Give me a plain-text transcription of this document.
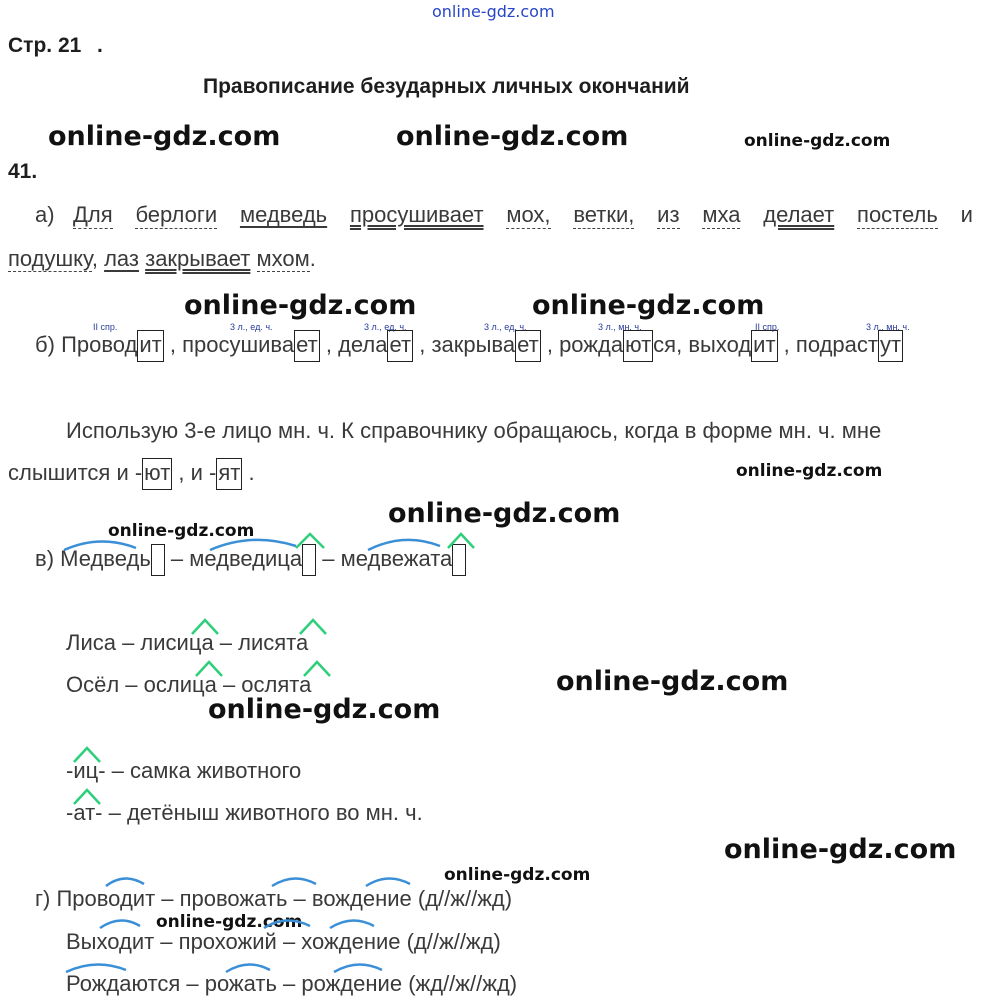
online-gdz.com
Стр. 21 .
Правописание безударных личных окончаний
online-gdz.com	online-gdz.com	online-gdz.com
41.
а) Для берлоги медведь просушивает мох, ветки, из мха делает постель и
подушку, лаз закрывает мхом.
online-gdz.com	online-gdz.com
II спр.	3 л., ед. ч.	3 л., ед. ч.	3 л., ед. ч.	3 л., мн. ч.	II спр.	3 л., мн. ч.
б) Проводит , просушивает , делает , закрывает , рождаются, выходит , подрастут
Использую 3-е лицо мн. ч. К справочнику обращаюсь, когда в форме мн. ч. мне
слышится и -ют , и -ят .	online-gdz.com
online-gdz.com
online-gdz.com
в) Медведь – медведица – медвежата
Лиса – лисица – лисята
Осёл – ослица – ослята	online-gdz.com
online-gdz.com
-иц- – самка животного
-ат- – детёныш животного во мн. ч.
online-gdz.com
online-gdz.com
г) Проводит – провожать – вождение (д//ж//жд)
online-gdz.com
Выходит – прохожий – хождение (д//ж//жд)
Рождаются – рожать – рождение (жд//ж//жд)
